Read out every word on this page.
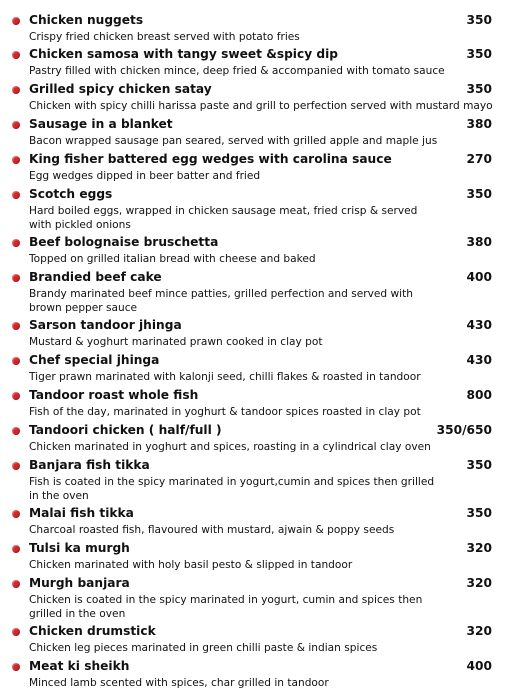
Chicken nuggets	350
Crispy fried chicken breast served with potato fries
Chicken samosa with tangy sweet &spicy dip	350
Pastry filled with chicken mince, deep fried & accompanied with tomato sauce
Grilled spicy chicken satay	350
Chicken with spicy chilli harissa paste and grill to perfection served with mustard mayo
Sausage in a blanket	380
Bacon wrapped sausage pan seared, served with grilled apple and maple jus
King fisher battered egg wedges with carolina sauce	270
Egg wedges dipped in beer batter and fried
Scotch eggs	350
Hard boiled eggs, wrapped in chicken sausage meat, fried crisp & served
with pickled onions
Beef bolognaise bruschetta	380
Topped on grilled italian bread with cheese and baked
Brandied beef cake	400
Brandy marinated beef mince patties, grilled perfection and served with
brown pepper sauce
Sarson tandoor jhinga	430
Mustard & yoghurt marinated prawn cooked in clay pot
Chef special jhinga	430
Tiger prawn marinated with kalonji seed, chilli flakes & roasted in tandoor
Tandoor roast whole fish	800
Fish of the day, marinated in yoghurt & tandoor spices roasted in clay pot
Tandoori chicken ( half/full )	350/650
Chicken marinated in yoghurt and spices, roasting in a cylindrical clay oven
Banjara fish tikka	350
Fish is coated in the spicy marinated in yogurt,cumin and spices then grilled
in the oven
Malai fish tikka	350
Charcoal roasted fish, flavoured with mustard, ajwain & poppy seeds
Tulsi ka murgh	320
Chicken marinated with holy basil pesto & slipped in tandoor
Murgh banjara	320
Chicken is coated in the spicy marinated in yogurt, cumin and spices then
grilled in the oven
Chicken drumstick	320
Chicken leg pieces marinated in green chilli paste & indian spices
Meat ki sheikh	400
Minced lamb scented with spices, char grilled in tandoor
